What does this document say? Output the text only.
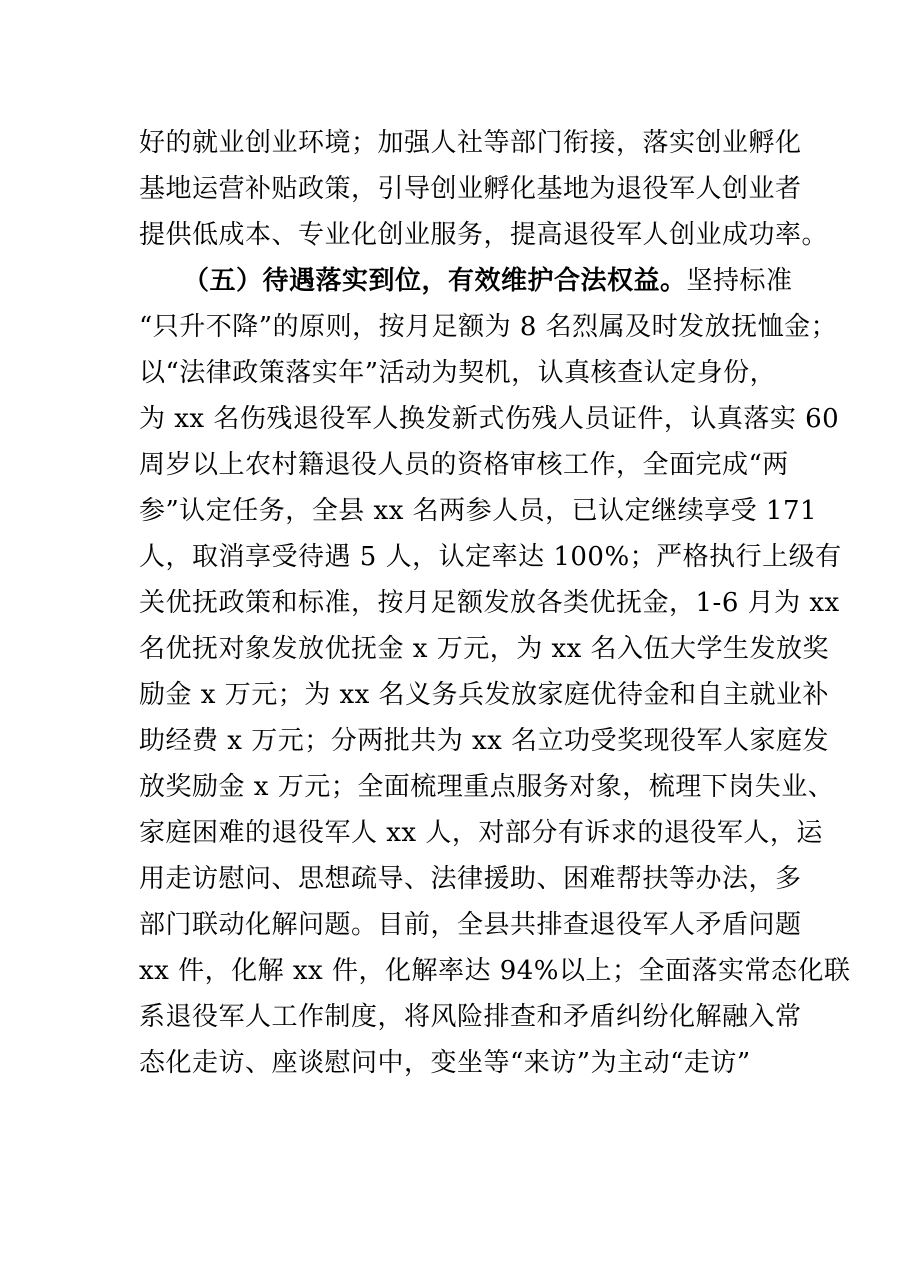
好的就业创业环境；加强人社等部门衔接，落实创业孵化
基地运营补贴政策，引导创业孵化基地为退役军人创业者
提供低成本、专业化创业服务，提高退役军人创业成功率。
（五）待遇落实到位，有效维护合法权益。坚持标准
“只升不降”的原则，按月足额为 8 名烈属及时发放抚恤金；
以“法律政策落实年”活动为契机，认真核查认定身份，
为 xx 名伤残退役军人换发新式伤残人员证件，认真落实 60
周岁以上农村籍退役人员的资格审核工作，全面完成“两
参”认定任务，全县 xx 名两参人员，已认定继续享受 171
人，取消享受待遇 5 人，认定率达 100%；严格执行上级有
关优抚政策和标准，按月足额发放各类优抚金，1-6 月为 xx
名优抚对象发放优抚金 x 万元，为 xx 名入伍大学生发放奖
励金 x 万元；为 xx 名义务兵发放家庭优待金和自主就业补
助经费 x 万元；分两批共为 xx 名立功受奖现役军人家庭发
放奖励金 x 万元；全面梳理重点服务对象，梳理下岗失业、
家庭困难的退役军人 xx 人，对部分有诉求的退役军人，运
用走访慰问、思想疏导、法律援助、困难帮扶等办法，多
部门联动化解问题。目前，全县共排查退役军人矛盾问题
xx 件，化解 xx 件，化解率达 94%以上；全面落实常态化联
系退役军人工作制度，将风险排查和矛盾纠纷化解融入常
态化走访、座谈慰问中，变坐等“来访”为主动“走访”
